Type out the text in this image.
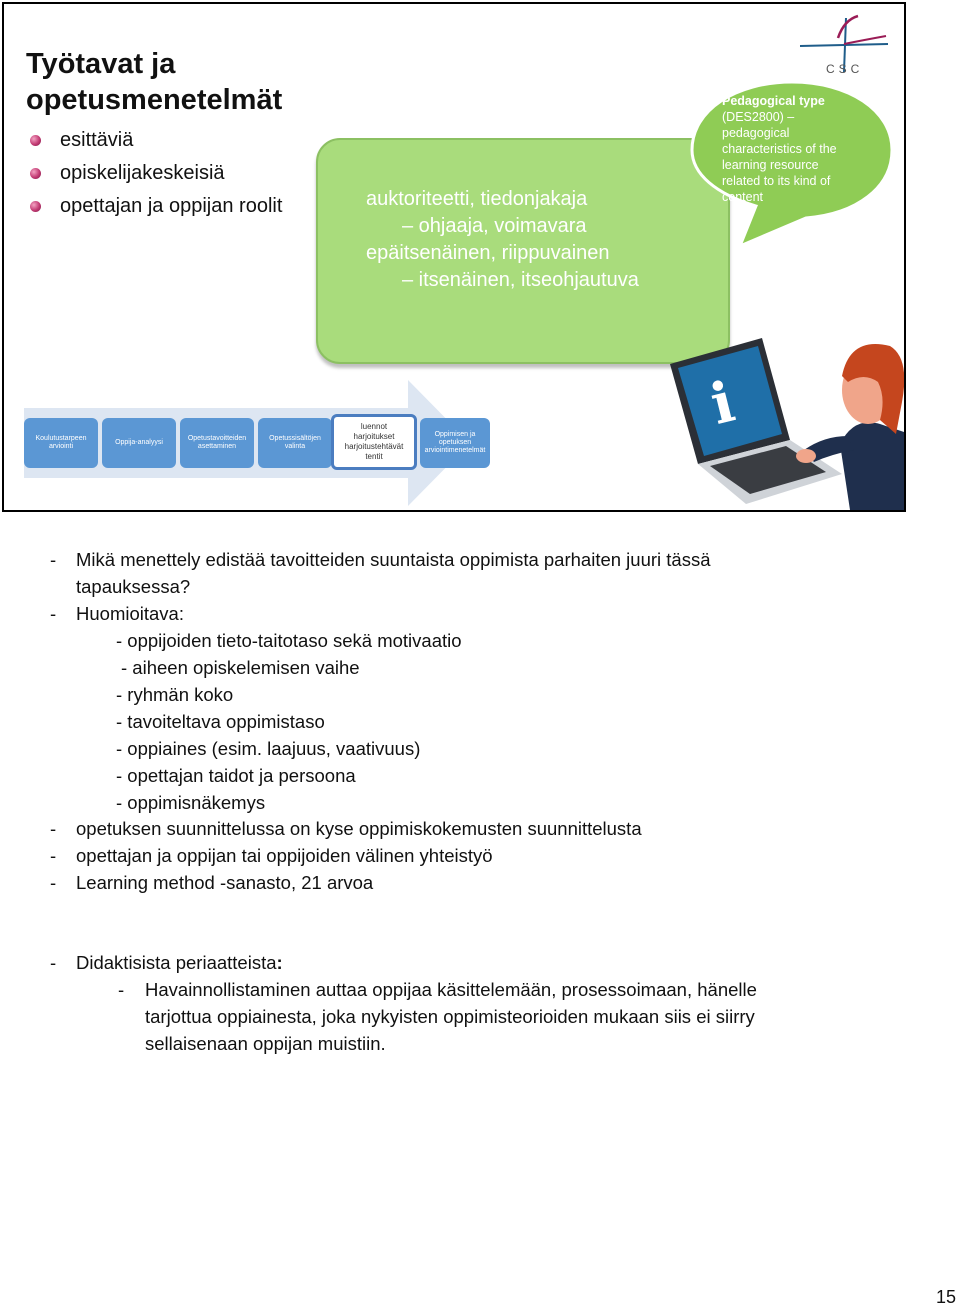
Työtavat ja
opetusmenetelmät
esittäviä
opiskelijakeskeisiä
opettajan ja oppijan roolit
CSC
auktoriteetti, tiedonjakaja
– ohjaaja, voimavara
epäitsenäinen, riippuvainen
– itsenäinen, itseohjautuva
Pedagogical type
(DES2800) –
pedagogical
characteristics of the
learning resource
related to its kind of
content
Koulutustarpeen arviointi
Oppija-analyysi
Opetustavoitteiden asettaminen
Opetussisältöjen valinta
luennot
harjoitukset
harjoitustehtävät
tentit
Oppimisen ja opetuksen arviointimenetelmät
i
- Mikä menettely edistää tavoitteiden suuntaista oppimista parhaiten juuri tässä
tapauksessa?
- Huomioitava:
- oppijoiden tieto-taitotaso sekä motivaatio
- aiheen opiskelemisen vaihe
- ryhmän koko
- tavoiteltava oppimistaso
- oppiaines (esim. laajuus, vaativuus)
- opettajan taidot ja persoona
- oppimisnäkemys
- opetuksen suunnittelussa on kyse oppimiskokemusten suunnittelusta
- opettajan ja oppijan tai oppijoiden välinen yhteistyö
- Learning method -sanasto, 21 arvoa
- Didaktisista periaatteista:
- Havainnollistaminen auttaa oppijaa käsittelemään, prosessoimaan, hänelle
tarjottua oppiainesta, joka nykyisten oppimisteorioiden mukaan siis ei siirry
sellaisenaan oppijan muistiin.
15
